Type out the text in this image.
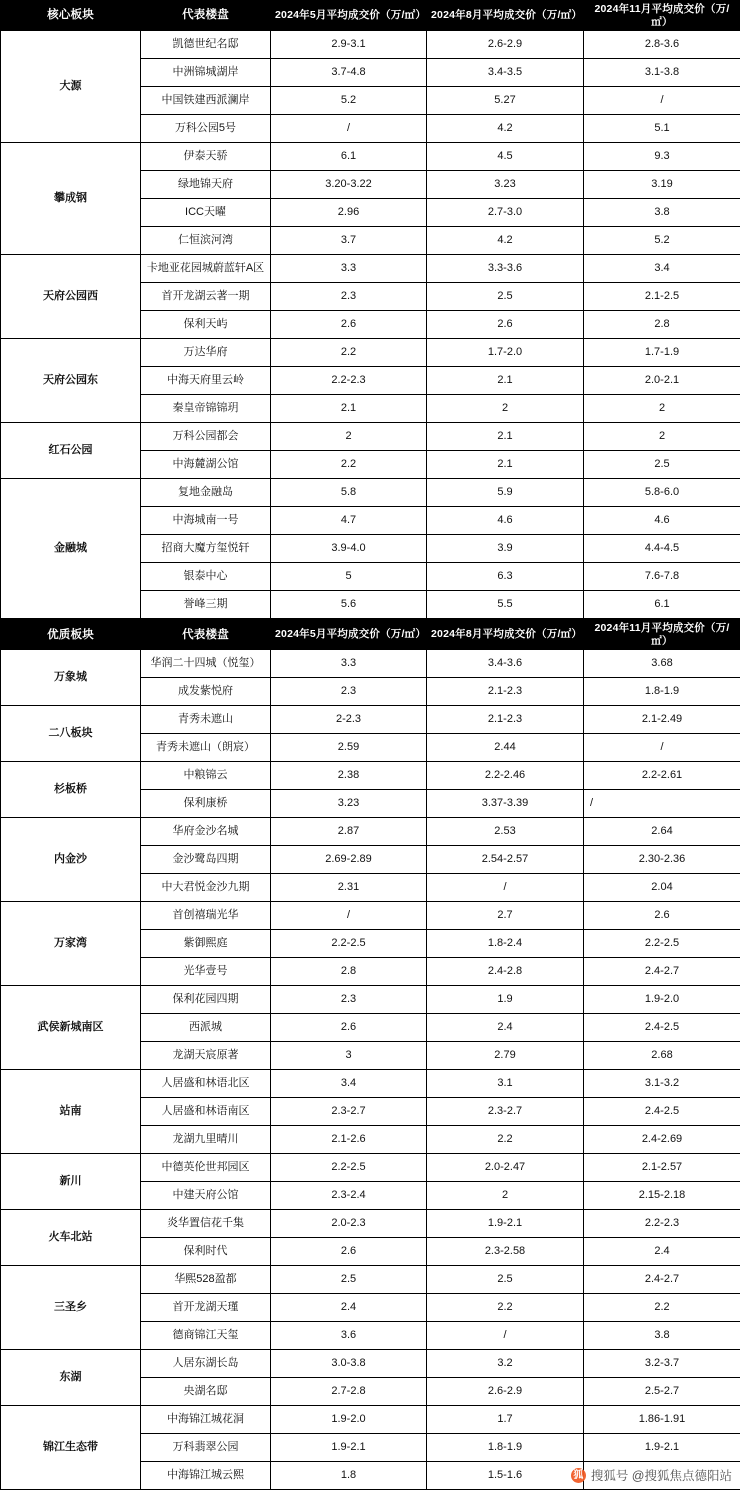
核心板块	代表楼盘	2024年5月平均成交价（万/㎡）	2024年8月平均成交价（万/㎡）	2024年11月平均成交价（万/㎡）
大源	凯德世纪名邸	2.9-3.1	2.6-2.9	2.8-3.6
	中洲锦城湖岸	3.7-4.8	3.4-3.5	3.1-3.8
	中国铁建西派澜岸	5.2	5.27	/
	万科公园5号	/	4.2	5.1
攀成钢	伊泰天骄	6.1	4.5	9.3
	绿地锦天府	3.20-3.22	3.23	3.19
	ICC天曜	2.96	2.7-3.0	3.8
	仁恒滨河湾	3.7	4.2	5.2
天府公园西	卡地亚花园城蔚蓝轩A区	3.3	3.3-3.6	3.4
	首开龙湖云著一期	2.3	2.5	2.1-2.5
	保利天屿	2.6	2.6	2.8
天府公园东	万达华府	2.2	1.7-2.0	1.7-1.9
	中海天府里云岭	2.2-2.3	2.1	2.0-2.1
	秦皇帝锦锦玥	2.1	2	2
红石公园	万科公园都会	2	2.1	2
	中海麓湖公馆	2.2	2.1	2.5
金融城	复地金融岛	5.8	5.9	5.8-6.0
	中海城南一号	4.7	4.6	4.6
	招商大魔方玺悦轩	3.9-4.0	3.9	4.4-4.5
	银泰中心	5	6.3	7.6-7.8
	誉峰三期	5.6	5.5	6.1
优质板块	代表楼盘	2024年5月平均成交价（万/㎡）	2024年8月平均成交价（万/㎡）	2024年11月平均成交价（万/㎡）
万象城	华润二十四城（悦玺）	3.3	3.4-3.6	3.68
	成发紫悦府	2.3	2.1-2.3	1.8-1.9
二八板块	青秀未遮山	2-2.3	2.1-2.3	2.1-2.49
	青秀未遮山（朗宸）	2.59	2.44	/
杉板桥	中粮锦云	2.38	2.2-2.46	2.2-2.61
	保利康桥	3.23	3.37-3.39	/
内金沙	华府金沙名城	2.87	2.53	2.64
	金沙鹭岛四期	2.69-2.89	2.54-2.57	2.30-2.36
	中大君悦金沙九期	2.31	/	2.04
万家湾	首创禧瑞光华	/	2.7	2.6
	紫御熙庭	2.2-2.5	1.8-2.4	2.2-2.5
	光华壹号	2.8	2.4-2.8	2.4-2.7
武侯新城南区	保利花园四期	2.3	1.9	1.9-2.0
	西派城	2.6	2.4	2.4-2.5
	龙湖天宸原著	3	2.79	2.68
站南	人居盛和林语北区	3.4	3.1	3.1-3.2
	人居盛和林语南区	2.3-2.7	2.3-2.7	2.4-2.5
	龙湖九里晴川	2.1-2.6	2.2	2.4-2.69
新川	中德英伦世邦园区	2.2-2.5	2.0-2.47	2.1-2.57
	中建天府公馆	2.3-2.4	2	2.15-2.18
火车北站	炎华置信花千集	2.0-2.3	1.9-2.1	2.2-2.3
	保利时代	2.6	2.3-2.58	2.4
三圣乡	华熙528盈都	2.5	2.5	2.4-2.7
	首开龙湖天瑾	2.4	2.2	2.2
	德商锦江天玺	3.6	/	3.8
东湖	人居东湖长岛	3.0-3.8	3.2	3.2-3.7
	央湖名邸	2.7-2.8	2.6-2.9	2.5-2.7
锦江生态带	中海锦江城花洞	1.9-2.0	1.7	1.86-1.91
	万科翡翠公园	1.9-2.1	1.8-1.9	1.9-2.1
	中海锦江城云熙	1.8	1.5-1.6		狐 搜狐号 @搜狐焦点德阳站
